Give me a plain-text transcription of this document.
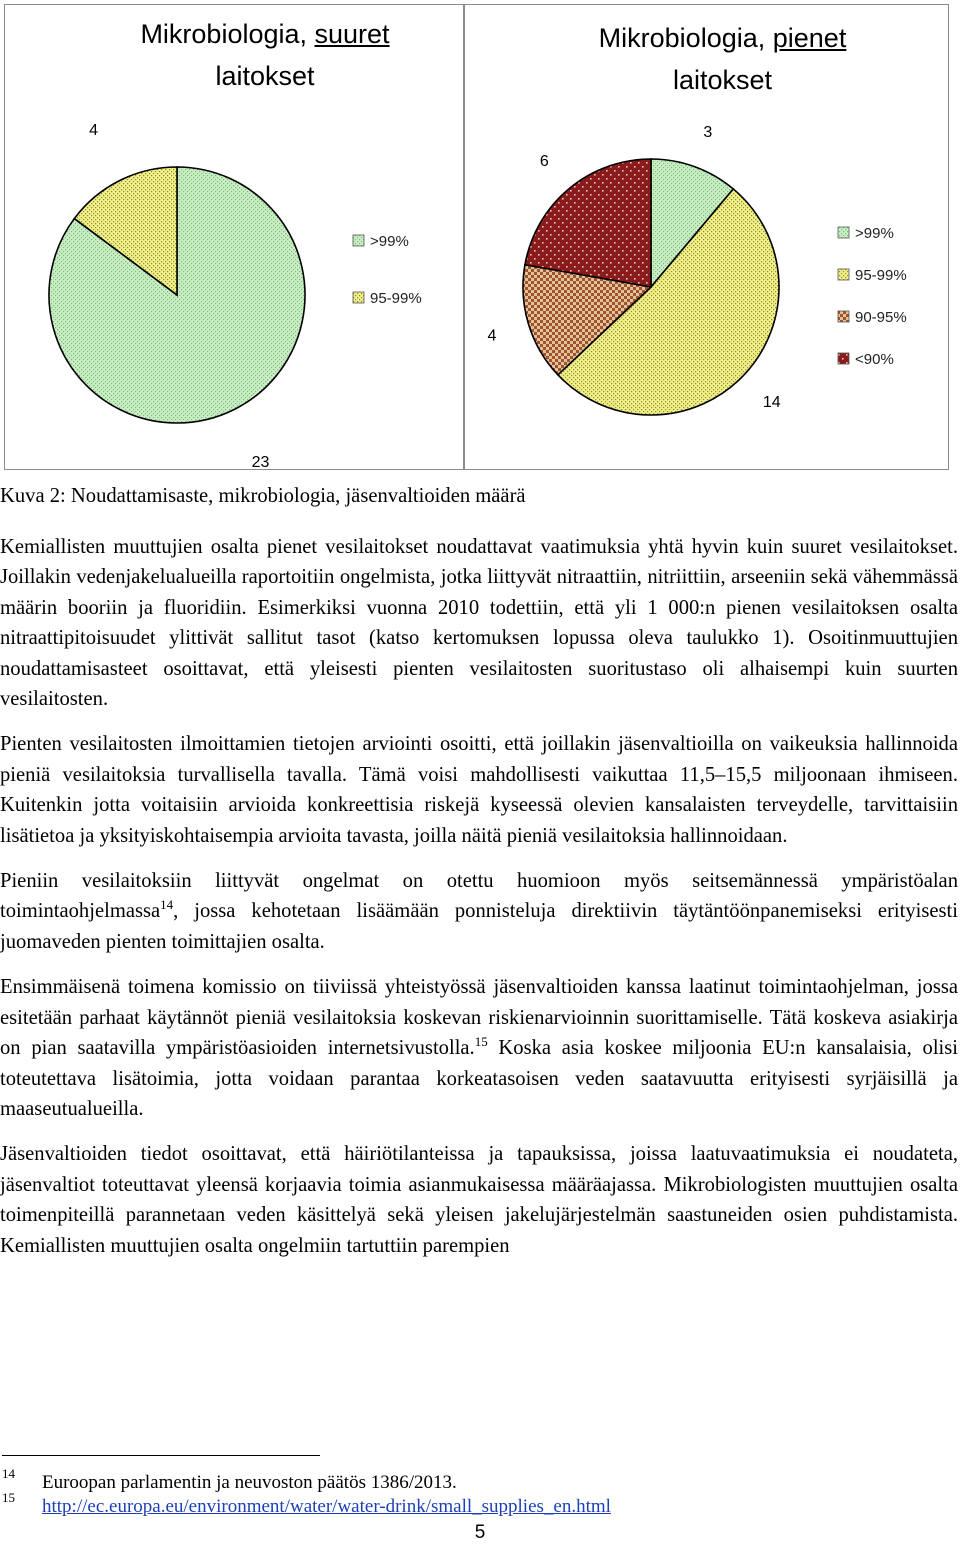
Mikrobiologia, suuret
laitokset
23
4
>99%
95-99%
Mikrobiologia, pienet
laitokset
3
14
4
6
>99%
95-99%
90-95%
<90%
Kuva 2: Noudattamisaste, mikrobiologia, jäsenvaltioiden määrä

Kemiallisten muuttujien osalta pienet vesilaitokset noudattavat vaatimuksia yhtä hyvin kuin suuret vesilaitokset. Joillakin vedenjakelualueilla raportoitiin ongelmista, jotka liittyvät nitraattiin, nitriittiin, arseeniin sekä vähemmässä määrin booriin ja fluoridiin. Esimerkiksi vuonna 2010 todettiin, että yli 1 000:n pienen vesilaitoksen osalta nitraattipitoisuudet ylittivät sallitut tasot (katso kertomuksen lopussa oleva taulukko 1). Osoitinmuuttujien noudattamisasteet osoittavat, että yleisesti pienten vesilaitosten suoritustaso oli alhaisempi kuin suurten vesilaitosten.

Pienten vesilaitosten ilmoittamien tietojen arviointi osoitti, että joillakin jäsenvaltioilla on vaikeuksia hallinnoida pieniä vesilaitoksia turvallisella tavalla. Tämä voisi mahdollisesti vaikuttaa 11,5–15,5 miljoonaan ihmiseen. Kuitenkin jotta voitaisiin arvioida konkreettisia riskejä kyseessä olevien kansalaisten terveydelle, tarvittaisiin lisätietoa ja yksityiskohtaisempia arvioita tavasta, joilla näitä pieniä vesilaitoksia hallinnoidaan.

Pieniin vesilaitoksiin liittyvät ongelmat on otettu huomioon myös seitsemännessä ympäristöalan toimintaohjelmassa$^{14}$, jossa kehotetaan lisäämään ponnisteluja direktiivin täytäntöönpanemiseksi erityisesti juomaveden pienten toimittajien osalta.

Ensimmäisenä toimena komissio on tiiviissä yhteistyössä jäsenvaltioiden kanssa laatinut toimintaohjelman, jossa esitetään parhaat käytännöt pieniä vesilaitoksia koskevan riskienarvioinnin suorittamiselle. Tätä koskeva asiakirja on pian saatavilla ympäristöasioiden internetsivustolla.$^{15}$ Koska asia koskee miljoonia EU:n kansalaisia, olisi toteutettava lisätoimia, jotta voidaan parantaa korkeatasoisen veden saatavuutta erityisesti syrjäisillä ja maaseutualueilla.

Jäsenvaltioiden tiedot osoittavat, että häiriötilanteissa ja tapauksissa, joissa laatuvaatimuksia ei noudateta, jäsenvaltiot toteuttavat yleensä korjaavia toimia asianmukaisessa määräajassa. Mikrobiologisten muuttujien osalta toimenpiteillä parannetaan veden käsittelyä sekä yleisen jakelujärjestelmän saastuneiden osien puhdistamista. Kemiallisten muuttujien osalta ongelmiin tartuttiin parempien

14 Euroopan parlamentin ja neuvoston päätös 1386/2013.
15 http://ec.europa.eu/environment/water/water-drink/small_supplies_en.html
5
